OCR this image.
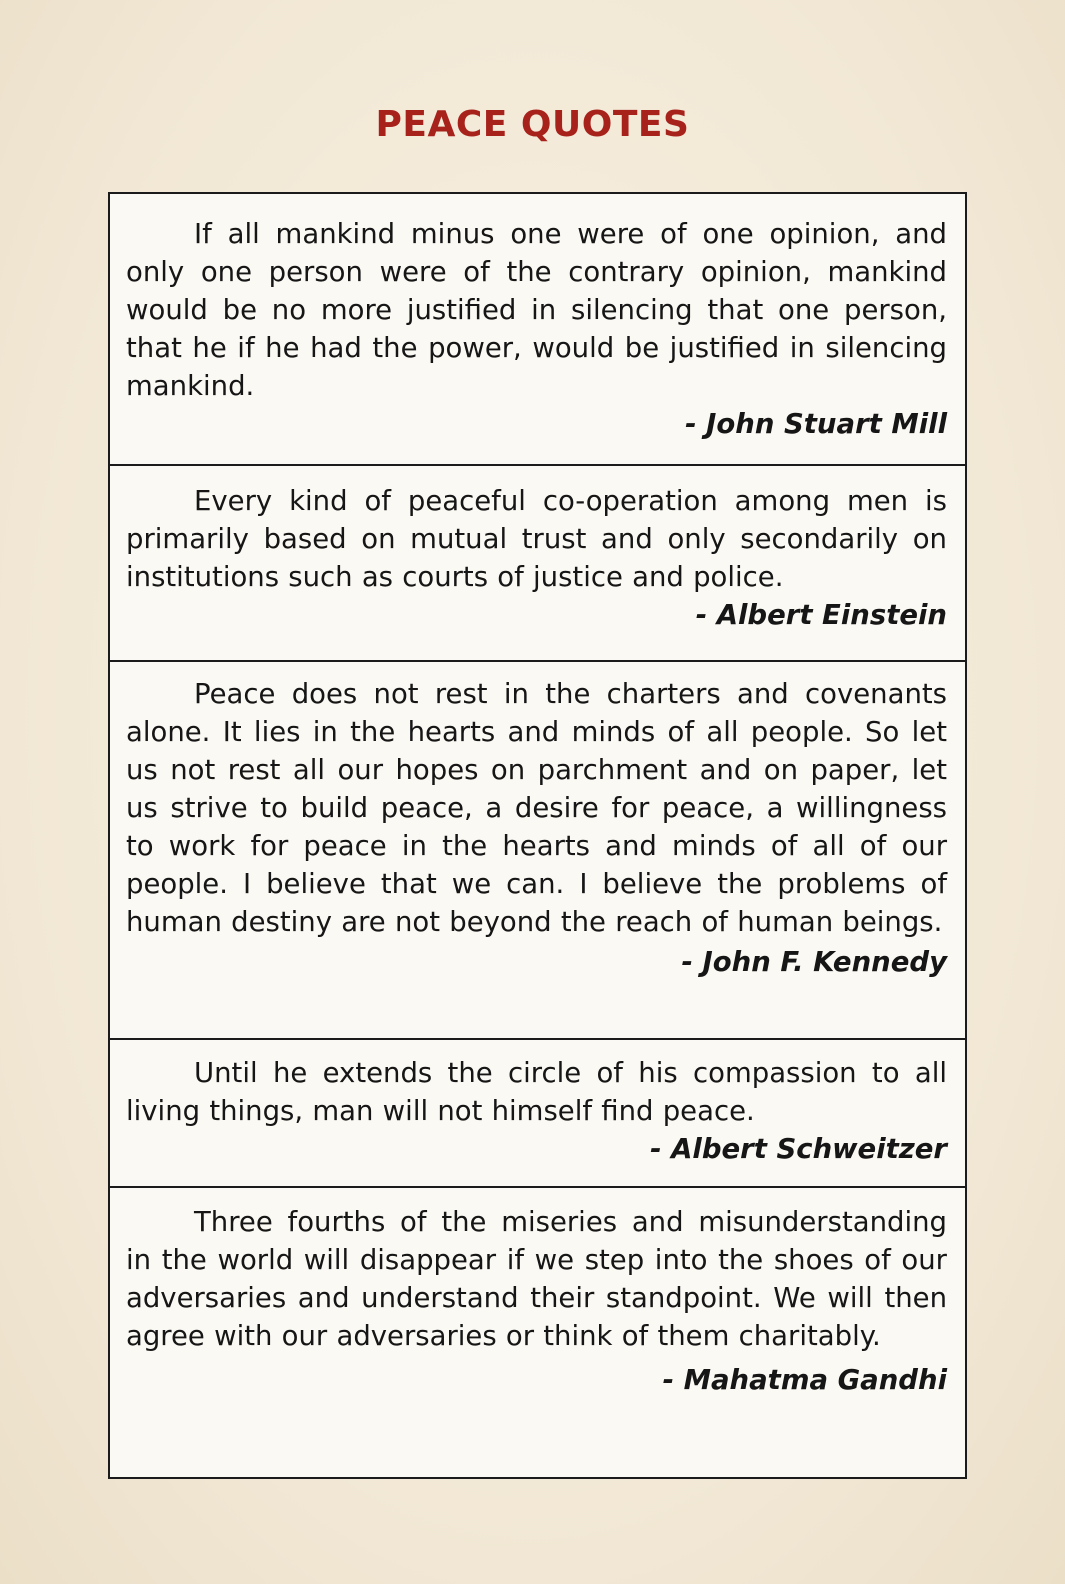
PEACE QUOTES

If all mankind minus one were of one opinion, and only one person were of the contrary opinion, mankind would be no more justified in silencing that one person, that he if he had the power, would be justified in silencing mankind.

- John Stuart Mill

Every kind of peaceful co-operation among men is primarily based on mutual trust and only secondarily on institutions such as courts of justice and police.

- Albert Einstein

Peace does not rest in the charters and covenants alone. It lies in the hearts and minds of all people. So let us not rest all our hopes on parchment and on paper, let us strive to build peace, a desire for peace, a willingness to work for peace in the hearts and minds of all of our people. I believe that we can. I believe the problems of human destiny are not beyond the reach of human beings.

- John F. Kennedy

Until he extends the circle of his compassion to all living things, man will not himself find peace.

- Albert Schweitzer

Three fourths of the miseries and misunderstanding in the world will disappear if we step into the shoes of our adversaries and understand their standpoint. We will then agree with our adversaries or think of them charitably.

- Mahatma Gandhi
